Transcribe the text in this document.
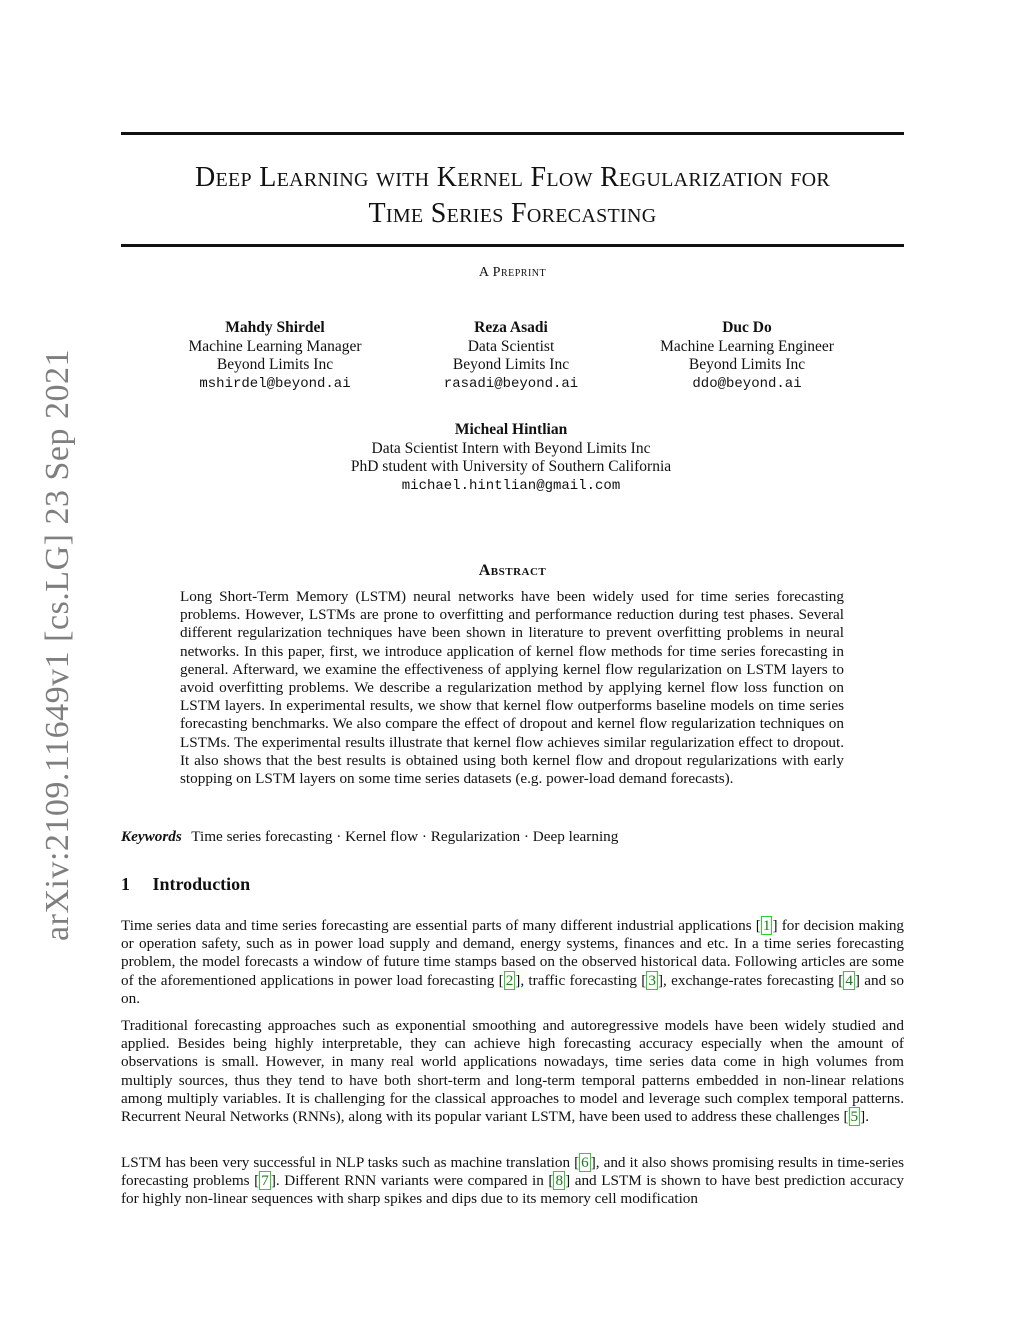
arXiv:2109.11649v1 [cs.LG] 23 Sep 2021
Deep Learning with Kernel Flow Regularization for
Time Series Forecasting
A Preprint
Mahdy Shirdel
Machine Learning Manager
Beyond Limits Inc
mshirdel@beyond.ai
Reza Asadi
Data Scientist
Beyond Limits Inc
rasadi@beyond.ai
Duc Do
Machine Learning Engineer
Beyond Limits Inc
ddo@beyond.ai
Micheal Hintlian
Data Scientist Intern with Beyond Limits Inc
PhD student with University of Southern California
michael.hintlian@gmail.com
Abstract
Long Short-Term Memory (LSTM) neural networks have been widely used for time series forecasting problems. However, LSTMs are prone to overfitting and performance reduction during test phases. Several different regularization techniques have been shown in literature to prevent overfitting problems in neural networks. In this paper, first, we introduce application of kernel flow methods for time series forecasting in general. Afterward, we examine the effectiveness of applying kernel flow regularization on LSTM layers to avoid overfitting problems. We describe a regularization method by applying kernel flow loss function on LSTM layers. In experimental results, we show that kernel flow outperforms baseline models on time series forecasting benchmarks. We also compare the effect of dropout and kernel flow regularization techniques on LSTMs. The experimental results illustrate that kernel flow achieves similar regularization effect to dropout. It also shows that the best results is obtained using both kernel flow and dropout regularizations with early stopping on LSTM layers on some time series datasets (e.g. power-load demand forecasts).
Keywords Time series forecasting · Kernel flow · Regularization · Deep learning
1 Introduction
Time series data and time series forecasting are essential parts of many different industrial applications [ 1 ] for decision making or operation safety, such as in power load supply and demand, energy systems, finances and etc. In a time series forecasting problem, the model forecasts a window of future time stamps based on the observed historical data. Following articles are some of the aforementioned applications in power load forecasting [ 2 ], traffic forecasting [ 3 ], exchange-rates forecasting [ 4 ] and so on.
Traditional forecasting approaches such as exponential smoothing and autoregressive models have been widely studied and applied. Besides being highly interpretable, they can achieve high forecasting accuracy especially when the amount of observations is small. However, in many real world applications nowadays, time series data come in high volumes from multiply sources, thus they tend to have both short-term and long-term temporal patterns embedded in non-linear relations among multiply variables. It is challenging for the classical approaches to model and leverage such complex temporal patterns. Recurrent Neural Networks (RNNs), along with its popular variant LSTM, have been used to address these challenges [ 5 ].
LSTM has been very successful in NLP tasks such as machine translation [ 6 ], and it also shows promising results in time-series forecasting problems [ 7 ]. Different RNN variants were compared in [ 8 ] and LSTM is shown to have best prediction accuracy for highly non-linear sequences with sharp spikes and dips due to its memory cell modification
